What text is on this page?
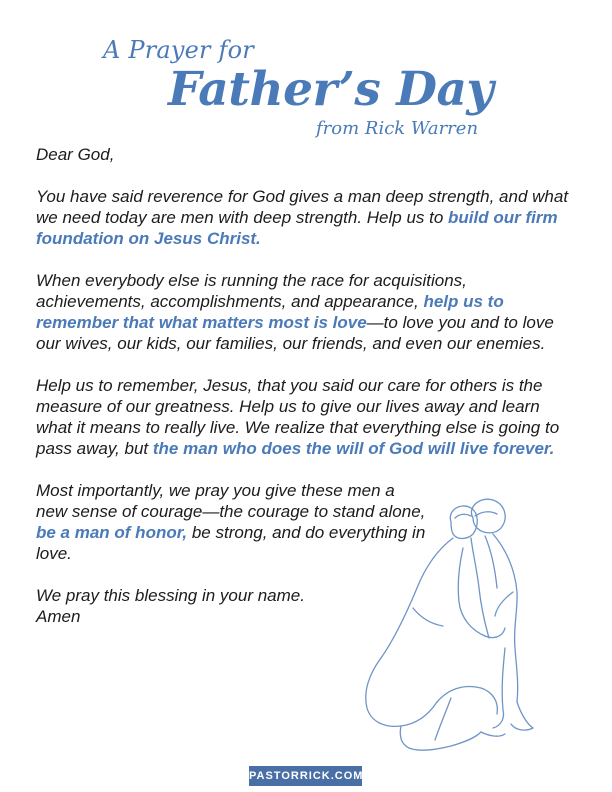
A Prayer for
Father’s Day
from Rick Warren

Dear God,

You have said reverence for God gives a man deep strength, and what we need today are men with deep strength. Help us to build our firm foundation on Jesus Christ.

When everybody else is running the race for acquisitions, achievements, accomplishments, and appearance, help us to remember that what matters most is love—to love you and to love our wives, our kids, our families, our friends, and even our enemies.

Help us to remember, Jesus, that you said our care for others is the measure of our greatness. Help us to give our lives away and learn what it means to really live. We realize that everything else is going to pass away, but the man who does the will of God will live forever.

Most importantly, we pray you give these men a new sense of courage—the courage to stand alone, be a man of honor, be strong, and do everything in love.

We pray this blessing in your name.

Amen

PASTORRICK.COM
